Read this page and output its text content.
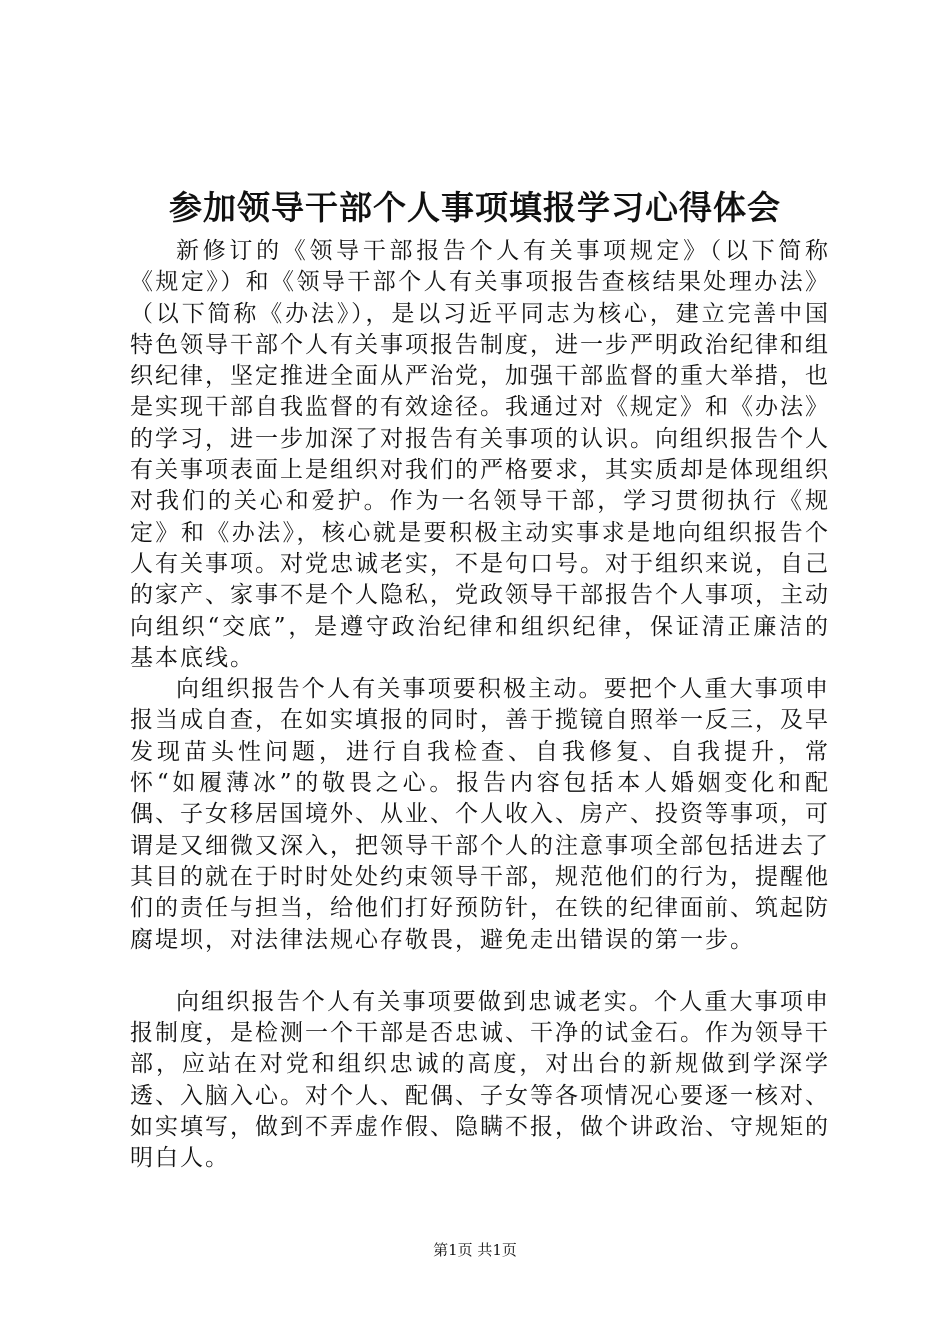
参加领导干部个人事项填报学习心得体会

新修订的《领导干部报告个人有关事项规定》（以下简称《规定》）和《领导干部个人有关事项报告查核结果处理办法》（以下简称《办法》），是以习近平同志为核心，建立完善中国特色领导干部个人有关事项报告制度，进一步严明政治纪律和组织纪律，坚定推进全面从严治党，加强干部监督的重大举措，也是实现干部自我监督的有效途径。我通过对《规定》和《办法》的学习，进一步加深了对报告有关事项的认识。向组织报告个人有关事项表面上是组织对我们的严格要求，其实质却是体现组织对我们的关心和爱护。作为一名领导干部，学习贯彻执行《规定》和《办法》，核心就是要积极主动实事求是地向组织报告个人有关事项。对党忠诚老实，不是句口号。对于组织来说，自己的家产、家事不是个人隐私，党政领导干部报告个人事项，主动向组织“交底”，是遵守政治纪律和组织纪律，保证清正廉洁的基本底线。

向组织报告个人有关事项要积极主动。要把个人重大事项申报当成自查，在如实填报的同时，善于揽镜自照举一反三，及早发现苗头性问题，进行自我检查、自我修复、自我提升，常怀“如履薄冰”的敬畏之心。报告内容包括本人婚姻变化和配偶、子女移居国境外、从业、个人收入、房产、投资等事项，可谓是又细微又深入，把领导干部个人的注意事项全部包括进去了其目的就在于时时处处约束领导干部，规范他们的行为，提醒他们的责任与担当，给他们打好预防针，在铁的纪律面前、筑起防腐堤坝，对法律法规心存敬畏，避免走出错误的第一步。

向组织报告个人有关事项要做到忠诚老实。个人重大事项申报制度，是检测一个干部是否忠诚、干净的试金石。作为领导干部，应站在对党和组织忠诚的高度，对出台的新规做到学深学透、入脑入心。对个人、配偶、子女等各项情况心要逐一核对、如实填写，做到不弄虚作假、隐瞒不报，做个讲政治、守规矩的明白人。

第1页 共1页
